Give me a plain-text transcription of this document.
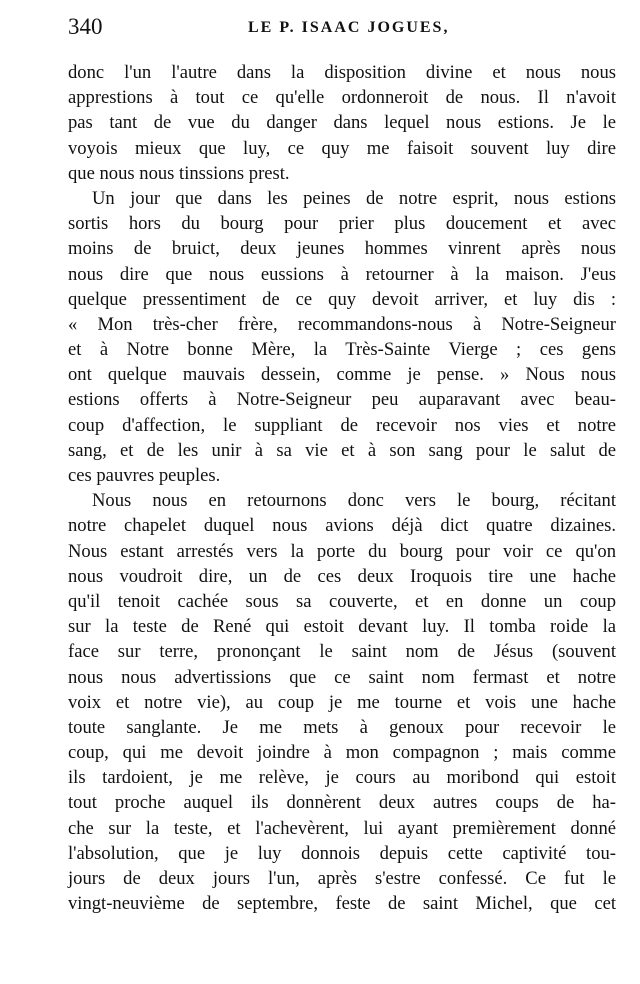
340	LE P. ISAAC JOGUES,
donc l'un l'autre dans la disposition divine et nous nous
apprestions à tout ce qu'elle ordonneroit de nous. Il n'avoit
pas tant de vue du danger dans lequel nous estions. Je le
voyois mieux que luy, ce quy me faisoit souvent luy dire
que nous nous tinssions prest.
Un jour que dans les peines de notre esprit, nous estions
sortis hors du bourg pour prier plus doucement et avec
moins de bruict, deux jeunes hommes vinrent après nous
nous dire que nous eussions à retourner à la maison. J'eus
quelque pressentiment de ce quy devoit arriver, et luy dis :
« Mon très-cher frère, recommandons-nous à Notre-Seigneur
et à Notre bonne Mère, la Très-Sainte Vierge ; ces gens
ont quelque mauvais dessein, comme je pense. » Nous nous
estions offerts à Notre-Seigneur peu auparavant avec beau-
coup d'affection, le suppliant de recevoir nos vies et notre
sang, et de les unir à sa vie et à son sang pour le salut de
ces pauvres peuples.
Nous nous en retournons donc vers le bourg, récitant
notre chapelet duquel nous avions déjà dict quatre dizaines.
Nous estant arrestés vers la porte du bourg pour voir ce qu'on
nous voudroit dire, un de ces deux Iroquois tire une hache
qu'il tenoit cachée sous sa couverte, et en donne un coup
sur la teste de René qui estoit devant luy. Il tomba roide la
face sur terre, prononçant le saint nom de Jésus (souvent
nous nous advertissions que ce saint nom fermast et notre
voix et notre vie), au coup je me tourne et vois une hache
toute sanglante. Je me mets à genoux pour recevoir le
coup, qui me devoit joindre à mon compagnon ; mais comme
ils tardoient, je me relève, je cours au moribond qui estoit
tout proche auquel ils donnèrent deux autres coups de ha-
che sur la teste, et l'achevèrent, lui ayant premièrement donné
l'absolution, que je luy donnois depuis cette captivité tou-
jours de deux jours l'un, après s'estre confessé. Ce fut le
vingt-neuvième de septembre, feste de saint Michel, que cet
